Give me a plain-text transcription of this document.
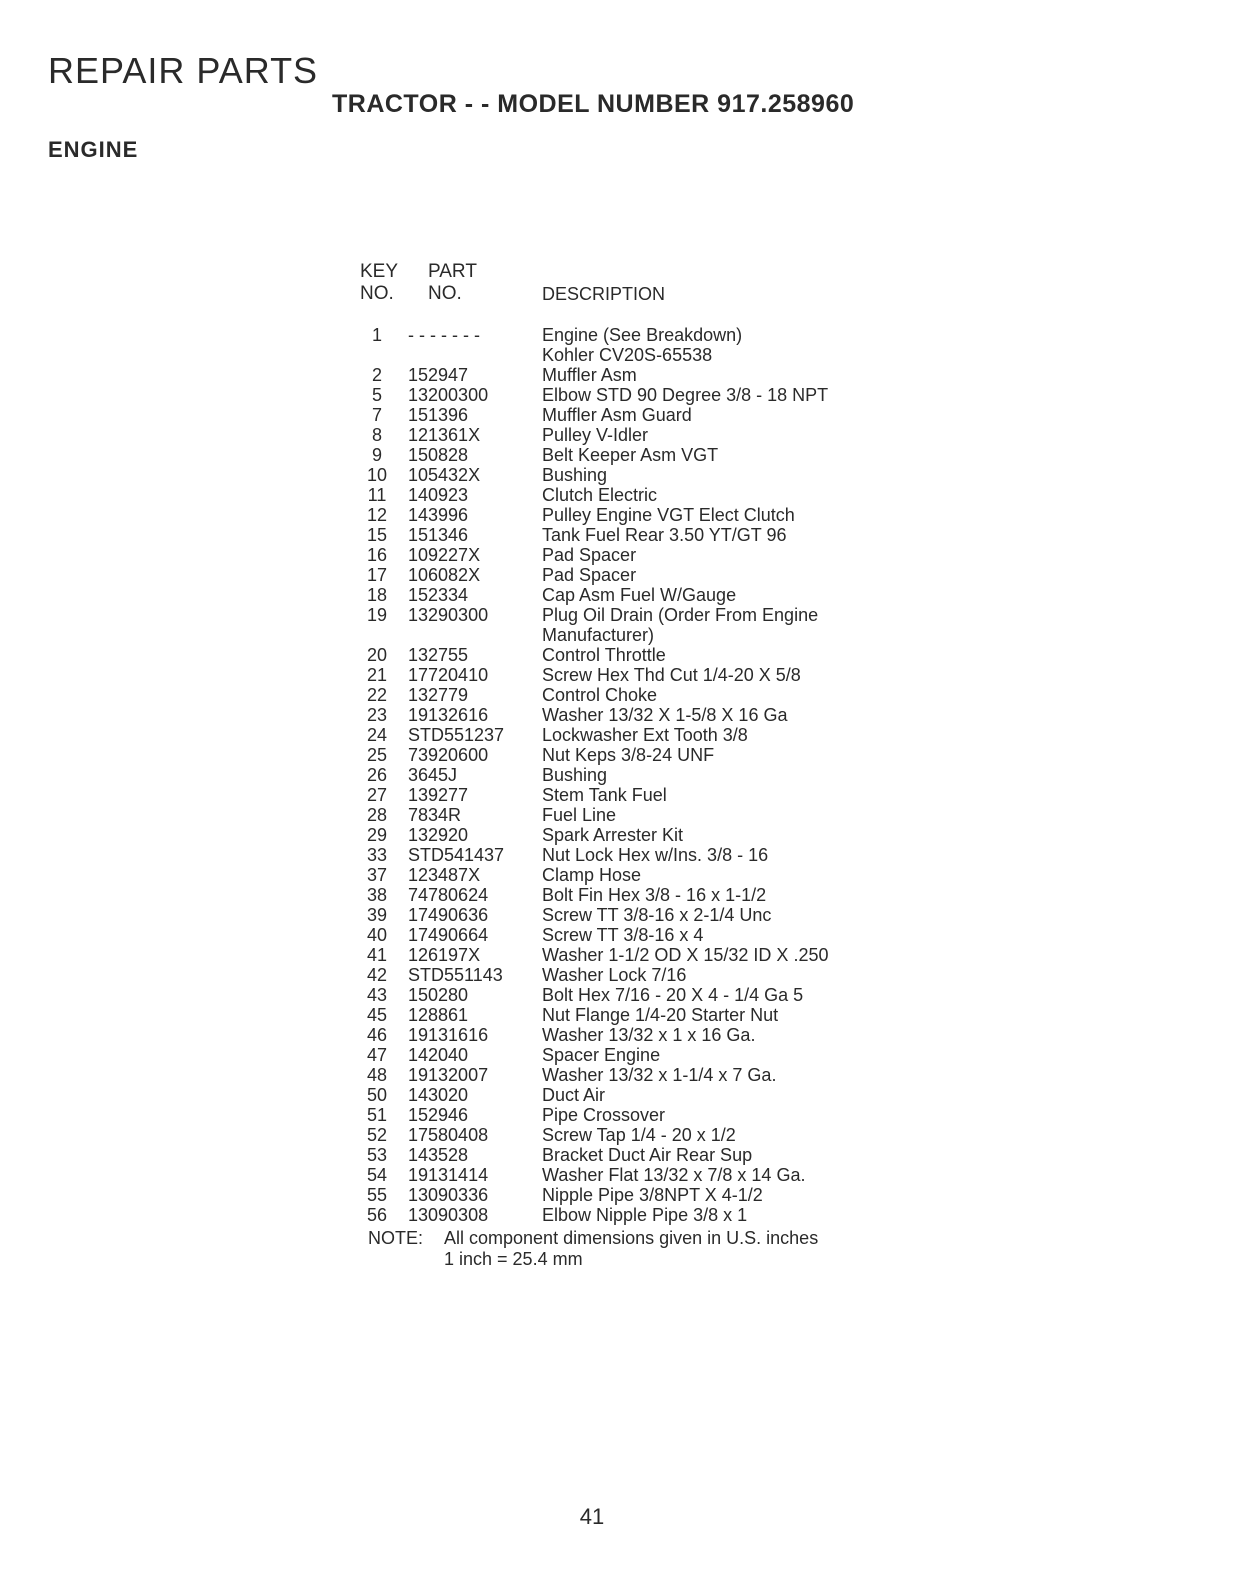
REPAIR PARTS
TRACTOR - - MODEL NUMBER 917.258960
ENGINE
KEY PART
NO. NO.	DESCRIPTION
1	- - - - - - -	Engine (See Breakdown)
Kohler CV20S-65538
2	152947	Muffler Asm
5	13200300	Elbow STD 90 Degree 3/8 - 18 NPT
7	151396	Muffler Asm Guard
8	121361X	Pulley V-Idler
9	150828	Belt Keeper Asm VGT
10	105432X	Bushing
11	140923	Clutch Electric
12	143996	Pulley Engine VGT Elect Clutch
15	151346	Tank Fuel Rear 3.50 YT/GT 96
16	109227X	Pad Spacer
17	106082X	Pad Spacer
18	152334	Cap Asm Fuel W/Gauge
19	13290300	Plug Oil Drain (Order From Engine
Manufacturer)
20	132755	Control Throttle
21	17720410	Screw Hex Thd Cut 1/4-20 X 5/8
22	132779	Control Choke
23	19132616	Washer 13/32 X 1-5/8 X 16 Ga
24	STD551237	Lockwasher Ext Tooth 3/8
25	73920600	Nut Keps 3/8-24 UNF
26	3645J	Bushing
27	139277	Stem Tank Fuel
28	7834R	Fuel Line
29	132920	Spark Arrester Kit
33	STD541437	Nut Lock Hex w/Ins. 3/8 - 16
37	123487X	Clamp Hose
38	74780624	Bolt Fin Hex 3/8 - 16 x 1-1/2
39	17490636	Screw TT 3/8-16 x 2-1/4 Unc
40	17490664	Screw TT 3/8-16 x 4
41	126197X	Washer 1-1/2 OD X 15/32 ID X .250
42	STD551143	Washer Lock 7/16
43	150280	Bolt Hex 7/16 - 20 X 4 - 1/4 Ga 5
45	128861	Nut Flange 1/4-20 Starter Nut
46	19131616	Washer 13/32 x 1 x 16 Ga.
47	142040	Spacer Engine
48	19132007	Washer 13/32 x 1-1/4 x 7 Ga.
50	143020	Duct Air
51	152946	Pipe Crossover
52	17580408	Screw Tap 1/4 - 20 x 1/2
53	143528	Bracket Duct Air Rear Sup
54	19131414	Washer Flat 13/32 x 7/8 x 14 Ga.
55	13090336	Nipple Pipe 3/8NPT X 4-1/2
56	13090308	Elbow Nipple Pipe 3/8 x 1
NOTE: All component dimensions given in U.S. inches
1 inch = 25.4 mm
41
